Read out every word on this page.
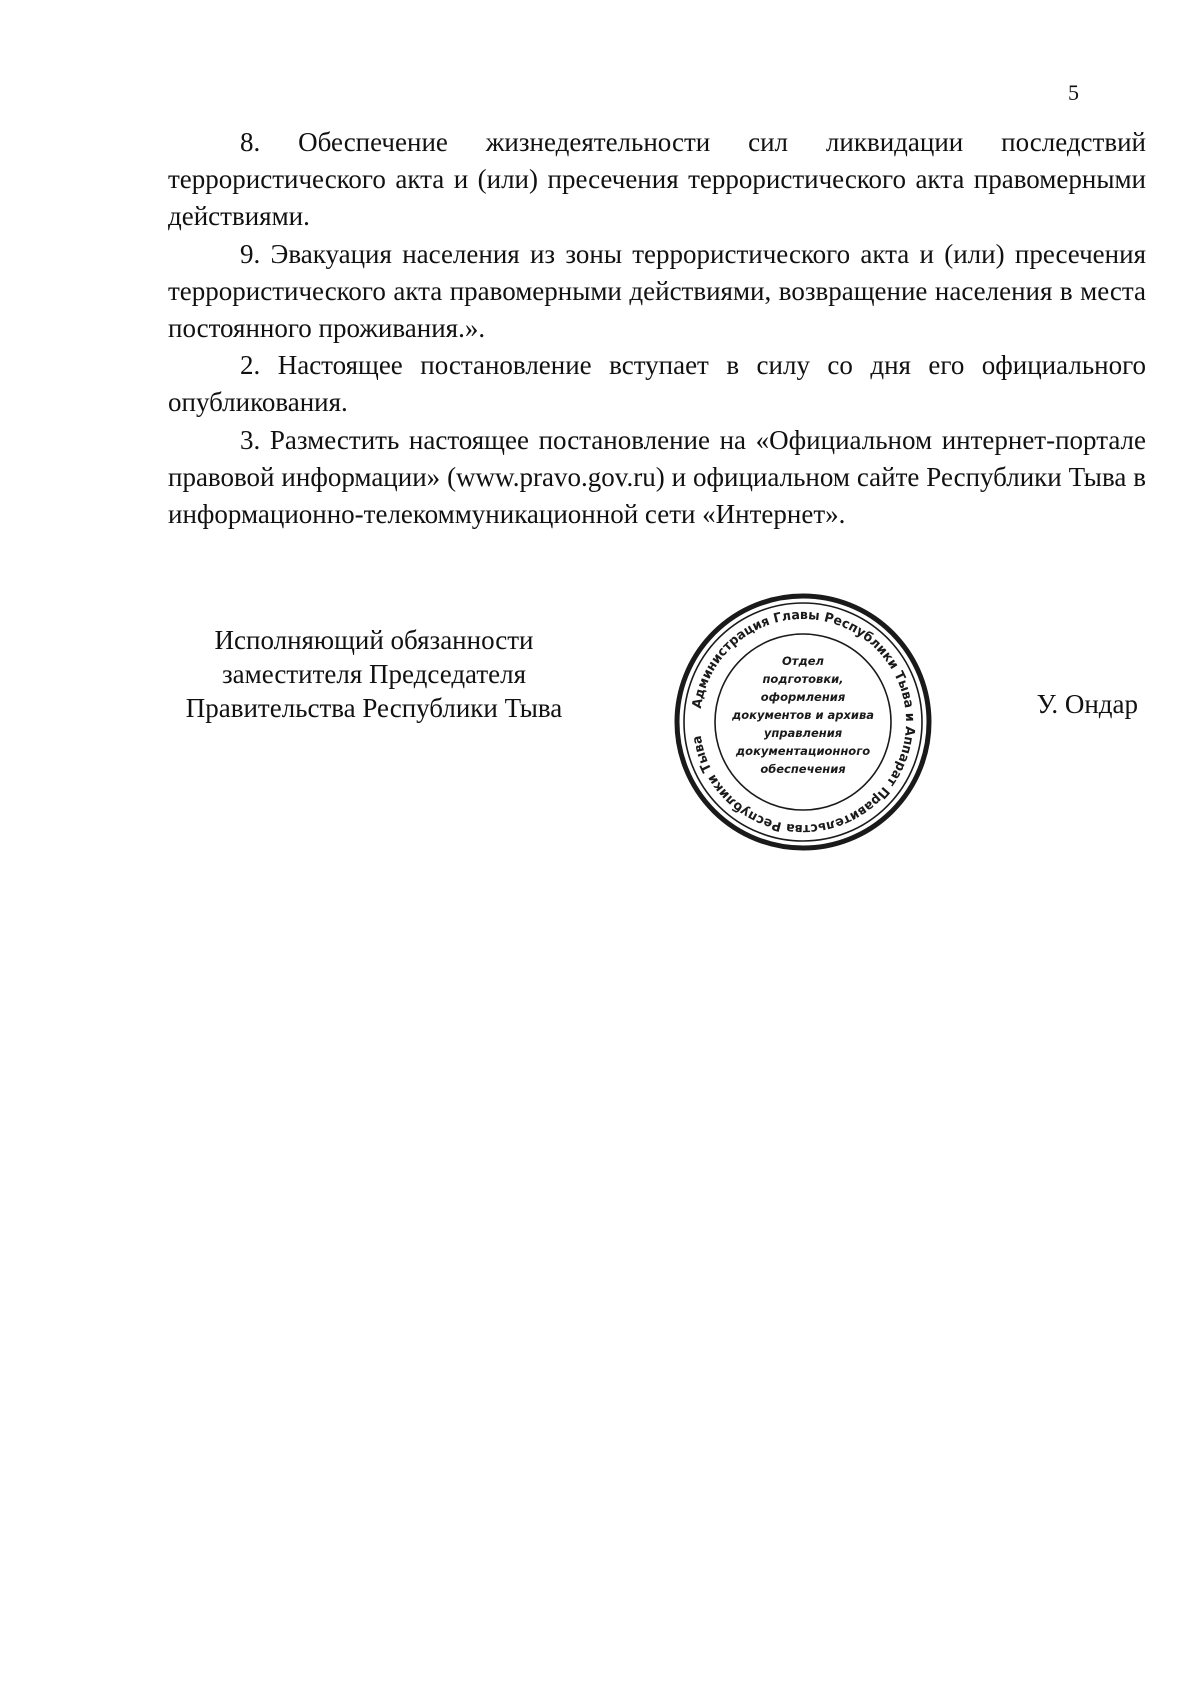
5

8. Обеспечение жизнедеятельности сил ликвидации последствий террористического акта и (или) пресечения террористического акта правомерными действиями.

9. Эвакуация населения из зоны террористического акта и (или) пресечения террористического акта правомерными действиями, возвращение населения в места постоянного проживания.».

2. Настоящее постановление вступает в силу со дня его официального опубликования.

3. Разместить настоящее постановление на «Официальном интернет-портале правовой информации» (www.pravo.gov.ru) и официальном сайте Республики Тыва в информационно-телекоммуникационной сети «Интернет».

Исполняющий обязанности
заместителя Председателя
Правительства Республики Тыва	У. Ондар
Администрация Главы Республики Тыва и Аппарат Правительства Республики Тыва
Отдел
подготовки,
оформления
документов и архива
управления
документационного
обеспечения
